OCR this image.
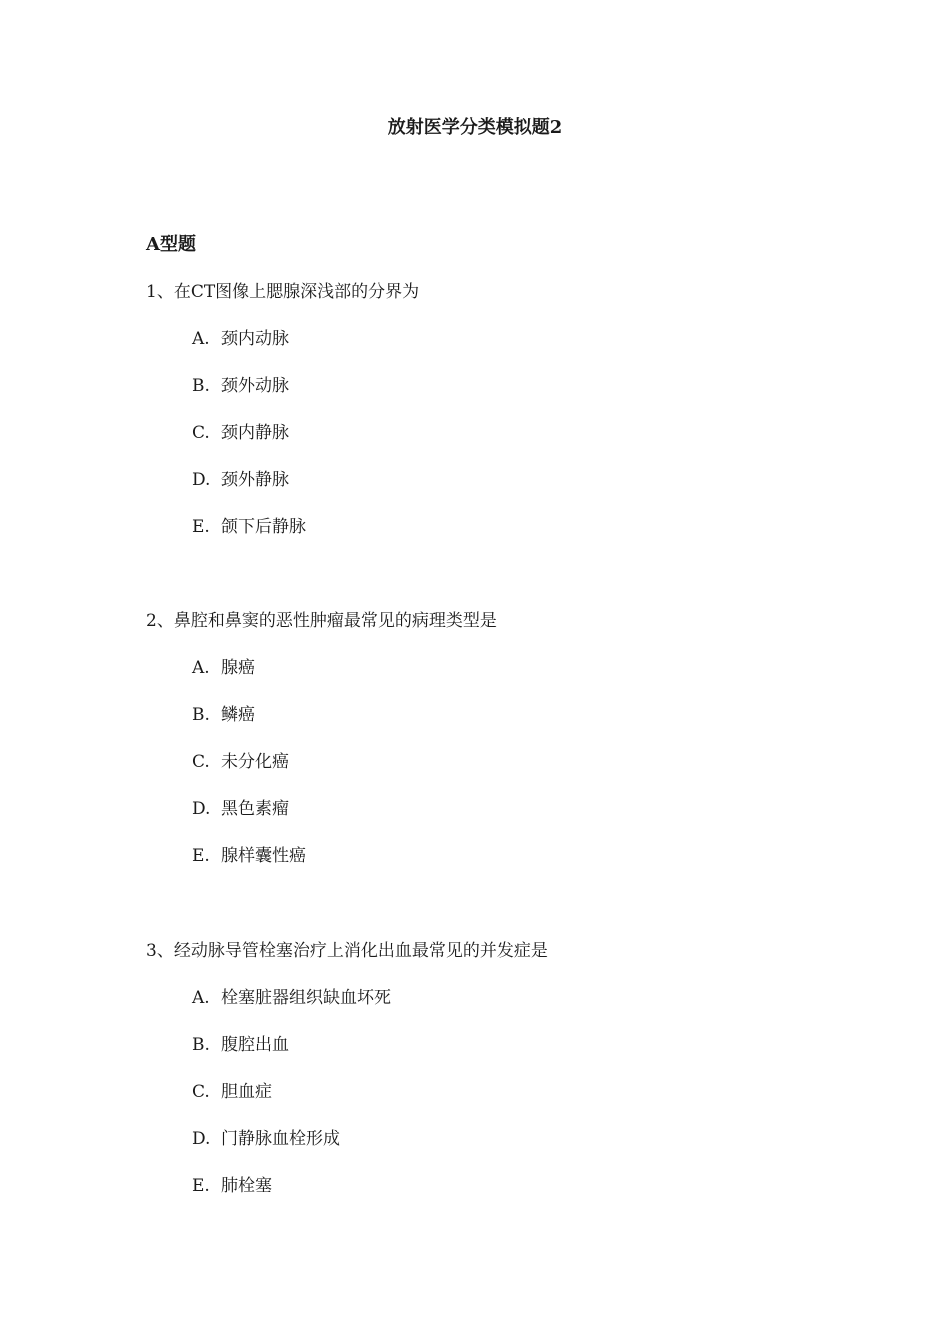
放射医学分类模拟题2
A型题
1、在CT图像上腮腺深浅部的分界为
A. 颈内动脉
B. 颈外动脉
C. 颈内静脉
D. 颈外静脉
E. 颌下后静脉
2、鼻腔和鼻窦的恶性肿瘤最常见的病理类型是
A. 腺癌
B. 鳞癌
C. 未分化癌
D. 黑色素瘤
E. 腺样囊性癌
3、经动脉导管栓塞治疗上消化出血最常见的并发症是
A. 栓塞脏器组织缺血坏死
B. 腹腔出血
C. 胆血症
D. 门静脉血栓形成
E. 肺栓塞
